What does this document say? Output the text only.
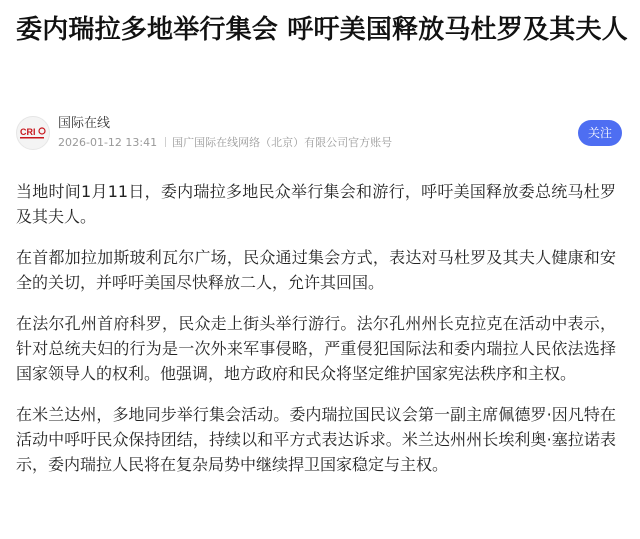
委内瑞拉多地举行集会 呼吁美国释放马杜罗及其夫人
CRI
国际在线
2026-01-12 13:41 国广国际在线网络（北京）有限公司官方账号
关注

当地时间1月11日，委内瑞拉多地民众举行集会和游行，呼吁美国释放委总统马杜罗及其夫人。

在首都加拉加斯玻利瓦尔广场，民众通过集会方式，表达对马杜罗及其夫人健康和安全的关切，并呼吁美国尽快释放二人，允许其回国。

在法尔孔州首府科罗，民众走上街头举行游行。法尔孔州州长克拉克在活动中表示，针对总统夫妇的行为是一次外来军事侵略，严重侵犯国际法和委内瑞拉人民依法选择国家领导人的权利。他强调，地方政府和民众将坚定维护国家宪法秩序和主权。

在米兰达州，多地同步举行集会活动。委内瑞拉国民议会第一副主席佩德罗·因凡特在活动中呼吁民众保持团结，持续以和平方式表达诉求。米兰达州州长埃利奥·塞拉诺表示，委内瑞拉人民将在复杂局势中继续捍卫国家稳定与主权。
